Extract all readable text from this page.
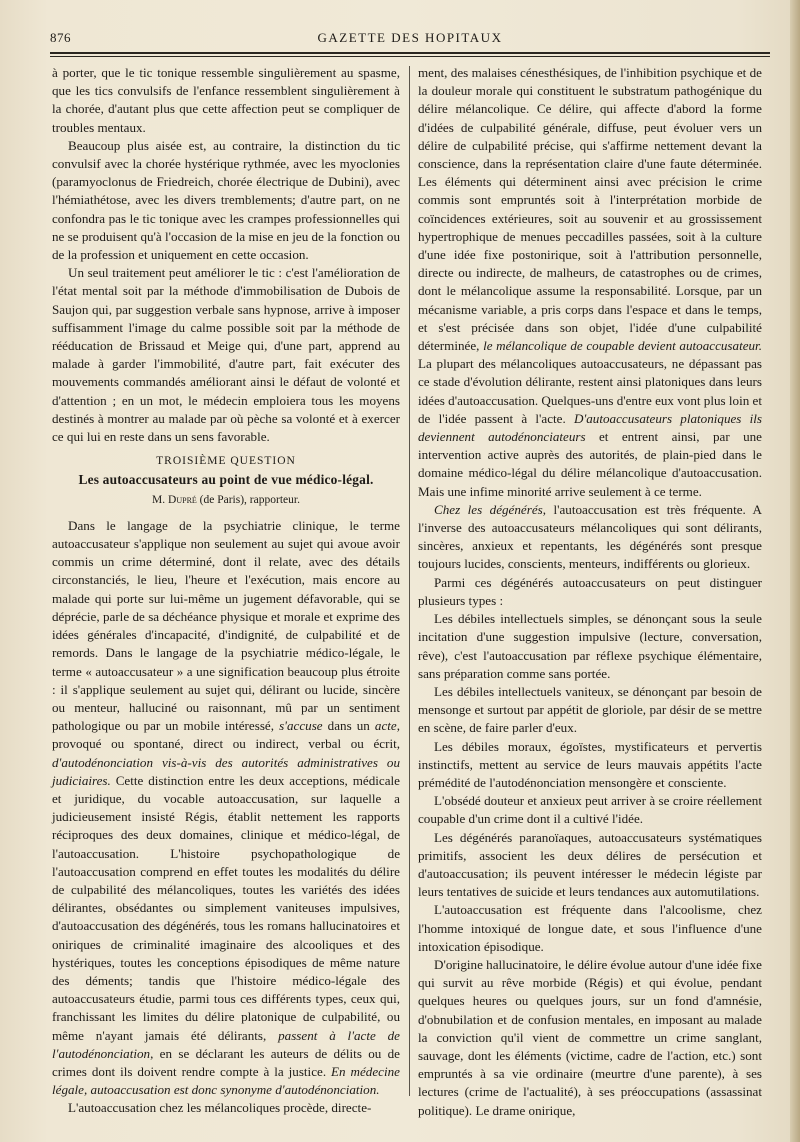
876	GAZETTE DES HOPITAUX

à porter, que le tic tonique ressemble singulièrement au spasme, que les tics convulsifs de l'enfance ressemblent singulièrement à la chorée, d'autant plus que cette affection peut se compliquer de troubles mentaux.

Beaucoup plus aisée est, au contraire, la distinction du tic convulsif avec la chorée hystérique rythmée, avec les myoclonies (paramyoclonus de Friedreich, chorée électrique de Dubini), avec l'hémiathétose, avec les divers tremblements; d'autre part, on ne confondra pas le tic tonique avec les crampes professionnelles qui ne se produisent qu'à l'occasion de la mise en jeu de la fonction ou de la profession et uniquement en cette occasion.

Un seul traitement peut améliorer le tic : c'est l'amélioration de l'état mental soit par la méthode d'immobilisation de Dubois de Saujon qui, par suggestion verbale sans hypnose, arrive à imposer suffisamment l'image du calme possible soit par la méthode de rééducation de Brissaud et Meige qui, d'une part, apprend au malade à garder l'immobilité, d'autre part, fait exécuter des mouvements commandés améliorant ainsi le défaut de volonté et d'attention ; en un mot, le médecin emploiera tous les moyens destinés à montrer au malade par où pèche sa volonté et à exercer ce qui lui en reste dans un sens favorable.

TROISIÈME QUESTION
Les autoaccusateurs au point de vue médico-légal.
M. Dupré (de Paris), rapporteur.

Dans le langage de la psychiatrie clinique, le terme autoaccusateur s'applique non seulement au sujet qui avoue avoir commis un crime déterminé, dont il relate, avec des détails circonstanciés, le lieu, l'heure et l'exécution, mais encore au malade qui porte sur lui-même un jugement défavorable, qui se déprécie, parle de sa déchéance physique et morale et exprime des idées générales d'incapacité, d'indignité, de culpabilité et de remords. Dans le langage de la psychiatrie médico-légale, le terme « autoaccusateur » a une signification beaucoup plus étroite : il s'applique seulement au sujet qui, délirant ou lucide, sincère ou menteur, halluciné ou raisonnant, mû par un sentiment pathologique ou par un mobile intéressé, s'accuse dans un acte, provoqué ou spontané, direct ou indirect, verbal ou écrit, d'autodénonciation vis-à-vis des autorités administratives ou judiciaires. Cette distinction entre les deux acceptions, médicale et juridique, du vocable autoaccusation, sur laquelle a judicieusement insisté Régis, établit nettement les rapports réciproques des deux domaines, clinique et médico-légal, de l'autoaccusation. L'histoire psychopathologique de l'autoaccusation comprend en effet toutes les modalités du délire de culpabilité des mélancoliques, toutes les variétés des idées délirantes, obsédantes ou simplement vaniteuses impulsives, d'autoaccusation des dégénérés, tous les romans hallucinatoires et oniriques de criminalité imaginaire des alcooliques et des hystériques, toutes les conceptions épisodiques de même nature des déments; tandis que l'histoire médico-légale des autoaccusateurs étudie, parmi tous ces différents types, ceux qui, franchissant les limites du délire platonique de culpabilité, ou même n'ayant jamais été délirants, passent à l'acte de l'autodénonciation, en se déclarant les auteurs de délits ou de crimes dont ils doivent rendre compte à la justice. En médecine légale, autoaccusation est donc synonyme d'autodénonciation.

L'autoaccusation chez les mélancoliques procède, directe-

ment, des malaises cénesthésiques, de l'inhibition psychique et de la douleur morale qui constituent le substratum pathogénique du délire mélancolique. Ce délire, qui affecte d'abord la forme d'idées de culpabilité générale, diffuse, peut évoluer vers un délire de culpabilité précise, qui s'affirme nettement devant la conscience, dans la représentation claire d'une faute déterminée. Les éléments qui déterminent ainsi avec précision le crime commis sont empruntés soit à l'interprétation morbide de coïncidences extérieures, soit au souvenir et au grossissement hypertrophique de menues peccadilles passées, soit à la culture d'une idée fixe postonirique, soit à l'attribution personnelle, directe ou indirecte, de malheurs, de catastrophes ou de crimes, dont le mélancolique assume la responsabilité. Lorsque, par un mécanisme variable, a pris corps dans l'espace et dans le temps, et s'est précisée dans son objet, l'idée d'une culpabilité déterminée, le mélancolique de coupable devient autoaccusateur. La plupart des mélancoliques autoaccusateurs, ne dépassant pas ce stade d'évolution délirante, restent ainsi platoniques dans leurs idées d'autoaccusation. Quelques-uns d'entre eux vont plus loin et de l'idée passent à l'acte. D'autoaccusateurs platoniques ils deviennent autodénonciateurs et entrent ainsi, par une intervention active auprès des autorités, de plain-pied dans le domaine médico-légal du délire mélancolique d'autoaccusation. Mais une infime minorité arrive seulement à ce terme.

Chez les dégénérés, l'autoaccusation est très fréquente. A l'inverse des autoaccusateurs mélancoliques qui sont délirants, sincères, anxieux et repentants, les dégénérés sont presque toujours lucides, conscients, menteurs, indifférents ou glorieux.

Parmi ces dégénérés autoaccusateurs on peut distinguer plusieurs types :

Les débiles intellectuels simples, se dénonçant sous la seule incitation d'une suggestion impulsive (lecture, conversation, rêve), c'est l'autoaccusation par réflexe psychique élémentaire, sans préparation comme sans portée.

Les débiles intellectuels vaniteux, se dénonçant par besoin de mensonge et surtout par appétit de gloriole, par désir de se mettre en scène, de faire parler d'eux.

Les débiles moraux, égoïstes, mystificateurs et pervertis instinctifs, mettent au service de leurs mauvais appétits l'acte prémédité de l'autodénonciation mensongère et consciente.

L'obsédé douteur et anxieux peut arriver à se croire réellement coupable d'un crime dont il a cultivé l'idée.

Les dégénérés paranoïaques, autoaccusateurs systématiques primitifs, associent les deux délires de persécution et d'autoaccusation; ils peuvent intéresser le médecin légiste par leurs tentatives de suicide et leurs tendances aux automutilations.

L'autoaccusation est fréquente dans l'alcoolisme, chez l'homme intoxiqué de longue date, et sous l'influence d'une intoxication épisodique.

D'origine hallucinatoire, le délire évolue autour d'une idée fixe qui survit au rêve morbide (Régis) et qui évolue, pendant quelques heures ou quelques jours, sur un fond d'amnésie, d'obnubilation et de confusion mentales, en imposant au malade la conviction qu'il vient de commettre un crime sanglant, sauvage, dont les éléments (victime, cadre de l'action, etc.) sont empruntés à sa vie ordinaire (meurtre d'une parente), à ses lectures (crime de l'actualité), à ses préoccupations (assassinat politique). Le drame onirique,
